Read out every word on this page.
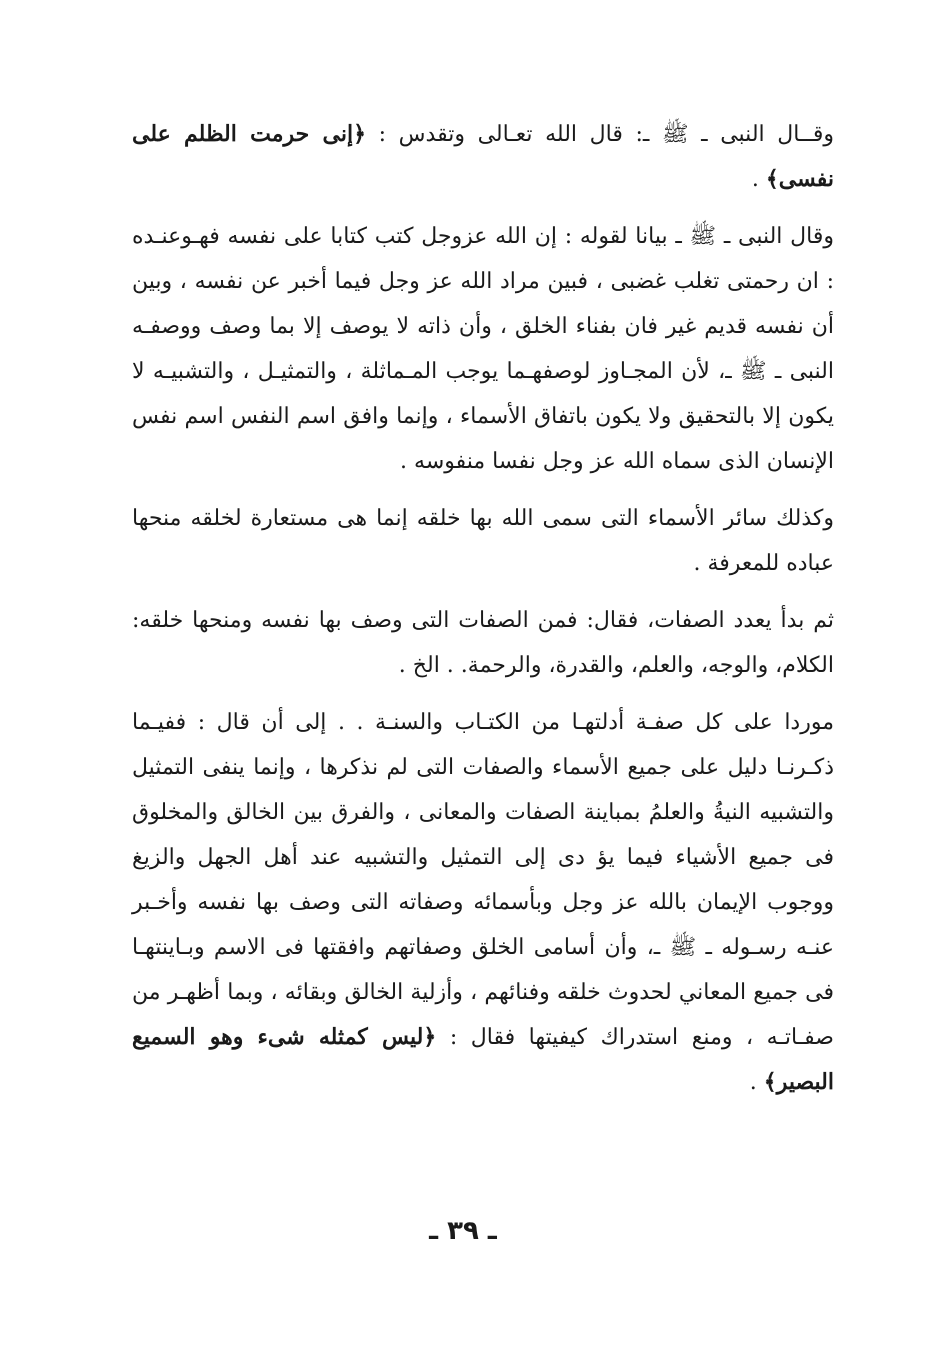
وقــال النبى ـ ﷺ ـ: قال الله تعـالى وتقدس : ﴿إنى حرمت الظلم على نفسى﴾ .

وقال النبى ـ ﷺ ـ بيانا لقوله : إن الله عزوجل كتب كتابا على نفسه فهـوعنـده : ان رحمتى تغلب غضبى ، فبين مراد الله عز وجل فيما أخبر عن نفسه ، وبين أن نفسه قديم غير فان بفناء الخلق ، وأن ذاته لا يوصف إلا بما وصف ووصفـه النبى ـ ﷺ ـ، لأن المجـاوز لوصفهـما يوجب المـماثلة ، والتمثيـل ، والتشبيـه لا يكون إلا بالتحقيق ولا يكون باتفاق الأسماء ، وإنما وافق اسم النفس اسم نفس الإنسان الذى سماه الله عز وجل نفسا منفوسه .

وكذلك سائر الأسماء التى سمى الله بها خلقه إنما هى مستعارة لخلقه منحها عباده للمعرفة .

ثم بدأ يعدد الصفات، فقال: فمن الصفات التى وصف بها نفسه ومنحها خلقه: الكلام، والوجه، والعلم، والقدرة، والرحمة. . الخ .

موردا على كل صفـة أدلتهـا من الكتـاب والسنـة . . إلى أن قال : ففيـما ذكـرنـا دليل على جميع الأسماء والصفات التى لم نذكرها ، وإنما ينفى التمثيل والتشبيه النيةُ والعلمُ بمباينة الصفات والمعانى ، والفرق بين الخالق والمخلوق فى جميع الأشياء فيما يؤ دى إلى التمثيل والتشبيه عند أهل الجهل والزيغ ووجوب الإيمان بالله عز وجل وبأسمائه وصفاته التى وصف بها نفسه وأخـبر عنـه رسـوله ـ ﷺ ـ، وأن أسامى الخلق وصفاتهم وافقتها فى الاسم وبـاينتهـا فى جميع المعاني لحدوث خلقه وفنائهم ، وأزلية الخالق وبقائه ، وبما أظهـر من صفـاتـه ، ومنع استدراك كيفيتها فقال : ﴿ليس كمثله شىء وهو السميع البصير﴾ .

ـ ٣٩ ـ
